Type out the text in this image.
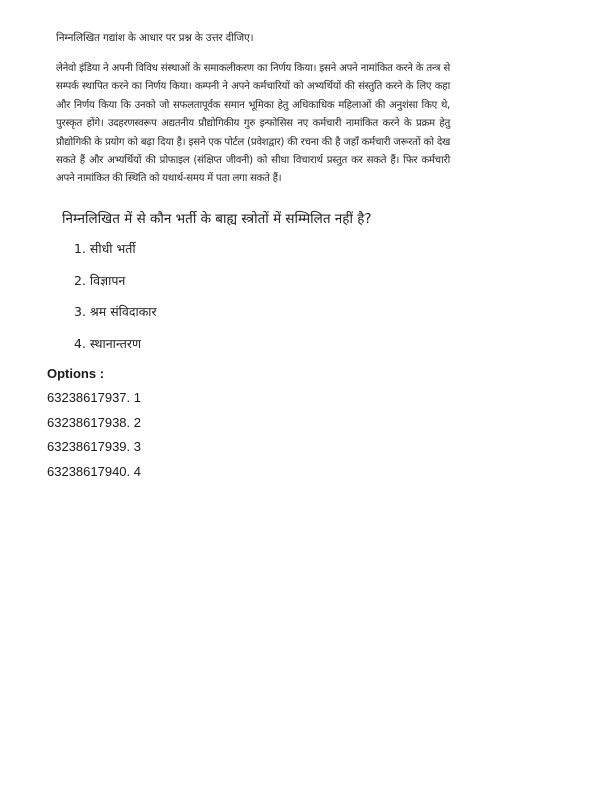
निम्नलिखित गद्यांश के आधार पर प्रश्न के उत्तर दीजिए।

लेनेवो इंडिया ने अपनी विविध संस्थाओं के समाकलीकरण का निर्णय किया। इसने अपने नामांकित करने के तन्त्र से सम्पर्क स्थापित करने का निर्णय किया। कम्पनी ने अपने कर्मचारियों को अभ्यर्थियों की संस्तुति करने के लिए कहा और निर्णय किया कि उनको जो सफलतापूर्वक समान भूमिका हेतु अधिकाधिक महिलाओं की अनुशंसा किए थे, पुरस्कृत होंगे। उदहरणस्वरूप अद्यतनीय प्रौद्योगिकीय गुरु इन्फोसिस नए कर्मचारी नामांकित करने के प्रक्रम हेतु प्रौद्योगिकी के प्रयोग को बढ़ा दिया है। इसने एक पोर्टल (प्रवेशद्वार) की रचना की है जहाँ कर्मचारी जरूरतों को देख सकते हैं और अभ्यर्थियों की प्रोफाइल (संक्षिप्त जीवनी) को सीधा विचारार्थ प्रस्तुत कर सकते हैं। फिर कर्मचारी अपने नामांकित की स्थिति को यथार्थ-समय में पता लगा सकते हैं।

निम्नलिखित में से कौन भर्ती के बाह्य स्त्रोतों में सम्मिलित नहीं है?

1. सीधी भर्ती
2. विज्ञापन
3. श्रम संविदाकार
4. स्थानान्तरण

Options :

63238617937. 1
63238617938. 2
63238617939. 3
63238617940. 4
